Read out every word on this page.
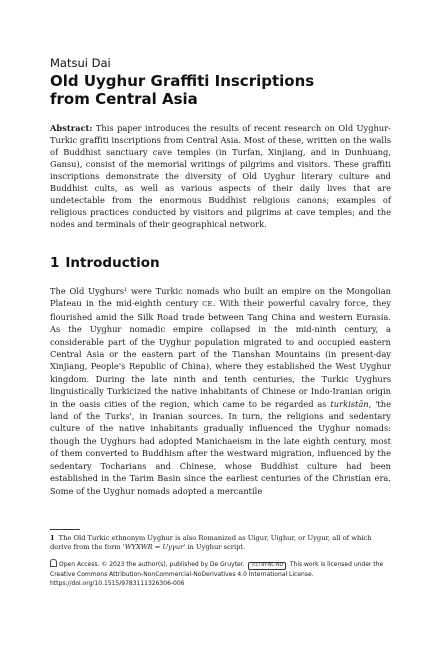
Matsui Dai
Old Uyghur Graffiti Inscriptions from Central Asia
Abstract: This paper introduces the results of recent research on Old Uyghur-Turkic graffiti inscriptions from Central Asia. Most of these, written on the walls of Buddhist sanctuary cave temples (in Turfan, Xinjiang, and in Dunhuang, Gansu), consist of the memorial writings of pilgrims and visitors. These graffiti inscriptions demonstrate the diversity of Old Uyghur literary culture and Buddhist cults, as well as various aspects of their daily lives that are undetectable from the enormous Buddhist religious canons; examples of religious practices conducted by visitors and pilgrims at cave temples; and the nodes and terminals of their geographical network.
1 Introduction

The Old Uyghurs$^1$ were Turkic nomads who built an empire on the Mongolian Plateau in the mid-eighth century CE. With their powerful cavalry force, they flourished amid the Silk Road trade between Tang China and western Eurasia. As the Uyghur nomadic empire collapsed in the mid-ninth century, a considerable part of the Uyghur population migrated to and occupied eastern Central Asia or the eastern part of the Tianshan Mountains (in present-day Xinjiang, People's Republic of China), where they established the West Uyghur kingdom. During the late ninth and tenth centuries, the Turkic Uyghurs linguistically Turkicized the native inhabitants of Chinese or Indo-Iranian origin in the oasis cities of the region, which came to be regarded as turkistān, 'the land of the Turks', in Iranian sources. In turn, the religions and sedentary culture of the native inhabitants gradually influenced the Uyghur nomads: though the Uyghurs had adopted Manichaeism in the late eighth century, most of them converted to Buddhism after the westward migration, influenced by the sedentary Tocharians and Chinese, whose Buddhist culture had been established in the Tarim Basin since the earliest centuries of the Christian era. Some of the Uyghur nomads adopted a mercantile

1 The Old Turkic ethnonym Uyghur is also Romanized as Uigur, Uighur, or Uygur, all of which derive from the form 'WYXWR = Uyγur' in Uyghur script.
Open Access. © 2023 the author(s), published by De Gruyter. (cc) BY-NC-ND This work is licensed under the
Creative Commons Attribution-NonCommercial-NoDerivatives 4.0 International License.
https://doi.org/10.1515/9783111326306-006
